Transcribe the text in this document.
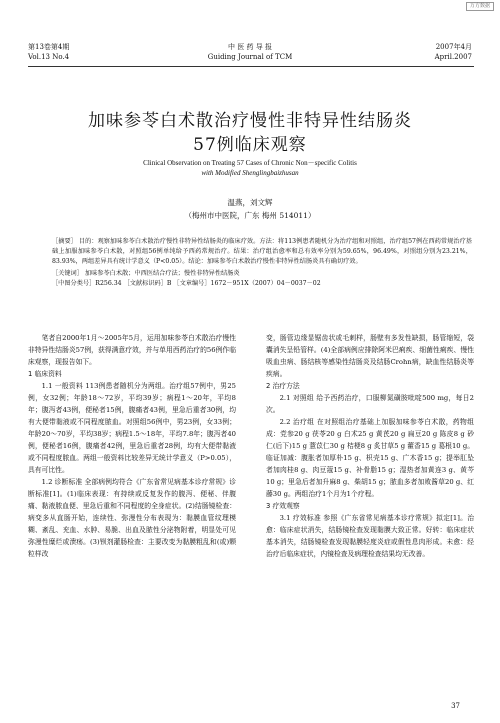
万方数据
第13卷第4期
Vol.13 No.4
中 医 药 导 报
Guiding Journal of TCM
2007年4月
April.2007
加味参苓白术散治疗慢性非特异性结肠炎
57例临床观察
Clinical Observation on Treating 57 Cases of Chronic Non－specific Colitis
with Modified Shenglingbaizhusan
温燕，刘文辉
（梅州市中医院，广东 梅州 514011）
［摘要］ 目的：观察加味参苓白术散治疗慢性非特异性结肠炎的临床疗效。方法：将113例患者随机分为治疗组和对照组，治疗组57例在西药常规治疗基础上加服加味参苓白术散，对照组56例单纯给予西药常规治疗。结果：治疗组治愈率和总有效率分别为59.65%，96.49%，对照组分别为23.21%，83.93%，两组差异具有统计学意义（P<0.05）。结论：加味参苓白术散治疗慢性非特异性结肠炎具有确切疗效。
［关键词］ 加味参苓白术散；中西医结合疗法；慢性非特异性结肠炎
［中图分类号］R256.34 ［文献标识码］B ［文章编号］1672－951X（2007）04－0037－02

笔者自2000年1月～2005年5月，运用加味参苓白术散治疗慢性非特异性结肠炎57例，获得满意疗效，并与单用西药治疗的56例作临床观察，现报告如下。

1 临床资料

1.1 一般资料 113例患者随机分为两组。治疗组57例中，男25例，女32例；年龄18～72岁，平均39岁；病程1～20年，平均8年；腹泻者43例，便秘者15例，腹痛者43例，里急后重者30例，均有大便带黏液或不同程度脓血。对照组56例中，男23例，女33例；年龄20～70岁，平均38岁；病程1.5～18年，平均7.8年；腹泻者40例，便秘者16例，腹痛者42例，里急后重者28例，均有大便带黏液或不同程度脓血。两组一般资料比较差异无统计学意义（P>0.05），具有可比性。

1.2 诊断标准 全部病例均符合《广东省常见病基本诊疗常规》诊断标准[1]。(1)临床表现：有持续或反复发作的腹泻、便秘、伴腹痛、黏液脓血便、里急后重和不同程度的全身症状。(2)结肠镜检查：病变多从直肠开始，连续性、弥漫性分布表现为：黏膜血管纹理模糊、紊乱、充血、水肿、易脆、出血及脓性分泌物附着，明显处可见弥漫性糜烂或溃疡。(3)钡剂灌肠检查：主要改变为黏膜粗乱和(或)颗粒样改

变，肠管边缘显锯齿状或毛刺样，肠壁有多发性缺损，肠管缩短，袋囊消失呈铅管样。(4)全部病例应排除阿米巴痢疾、细菌性痢疾、慢性吸血虫病、肠结核等感染性结肠炎及结肠Crohn病，缺血性结肠炎等疾病。

2 治疗方法

2.1 对照组 给予西药治疗，口服柳氮磺胺吡啶500 mg，每日2次。

2.2 治疗组 在对照组治疗基础上加服加味参苓白术散，药物组成：党参20 g 茯苓20 g 白术25 g 黄芪20 g 扁豆20 g 陈皮8 g 砂仁(后下)15 g 薏苡仁30 g 桔梗8 g 炙甘草5 g 藿香15 g 葛根10 g。临证加减：腹胀者加厚朴15 g、枳壳15 g、广木香15 g；提举肛坠者加肉桂8 g、肉豆蔻15 g、补骨脂15 g；湿热者加黄连3 g、黄芩10 g；里急后者加升麻8 g、柴胡15 g；脓血多者加败酱草20 g、红藤30 g。两组治疗1个月为1个疗程。

3 疗效观察

3.1 疗效标准 参照《广东省常见病基本诊疗常规》拟定[1]。治愈：临床症状消失，结肠镜检查发现黏膜大致正常。好转：临床症状基本消失，结肠镜检查发现黏膜轻度炎症或假性息肉形成。未愈：经治疗后临床症状，内镜检查及病理检查结果均无改善。

37
